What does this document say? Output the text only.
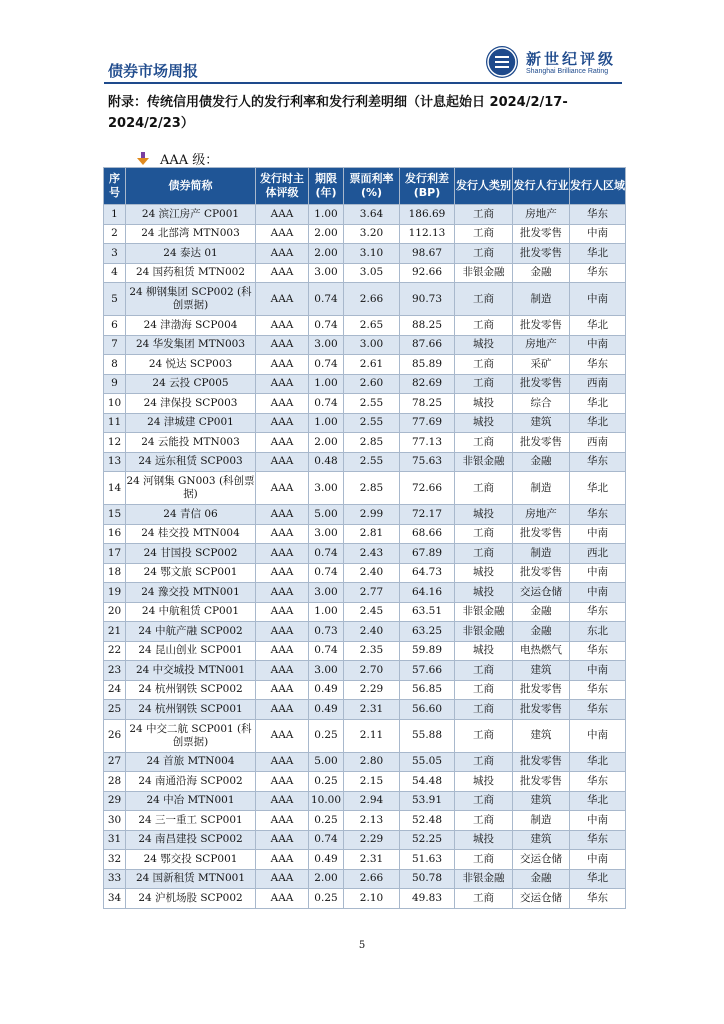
债券市场周报
新世纪评级
Shanghai Brilliance Rating
附录：传统信用债发行人的发行利率和发行利差明细（计息起始日 2024/2/17-2024/2/23）
AAA 级：
序号	债券简称	发行时主体评级	期限(年)	票面利率(%)	发行利差(BP)	发行人类别	发行人行业	发行人区域
1	24 滨江房产 CP001	AAA	1.00	3.64	186.69	工商	房地产	华东
2	24 北部湾 MTN003	AAA	2.00	3.20	112.13	工商	批发零售	中南
3	24 泰达 01	AAA	2.00	3.10	98.67	工商	批发零售	华北
4	24 国药租赁 MTN002	AAA	3.00	3.05	92.66	非银金融	金融	华东
5	24 柳钢集团 SCP002 (科创票据)	AAA	0.74	2.66	90.73	工商	制造	中南
6	24 津渤海 SCP004	AAA	0.74	2.65	88.25	工商	批发零售	华北
7	24 华发集团 MTN003	AAA	3.00	3.00	87.66	城投	房地产	中南
8	24 悦达 SCP003	AAA	0.74	2.61	85.89	工商	采矿	华东
9	24 云投 CP005	AAA	1.00	2.60	82.69	工商	批发零售	西南
10	24 津保投 SCP003	AAA	0.74	2.55	78.25	城投	综合	华北
11	24 津城建 CP001	AAA	1.00	2.55	77.69	城投	建筑	华北
12	24 云能投 MTN003	AAA	2.00	2.85	77.13	工商	批发零售	西南
13	24 远东租赁 SCP003	AAA	0.48	2.55	75.63	非银金融	金融	华东
14	24 河钢集 GN003 (科创票据)	AAA	3.00	2.85	72.66	工商	制造	华北
15	24 青信 06	AAA	5.00	2.99	72.17	城投	房地产	华东
16	24 桂交投 MTN004	AAA	3.00	2.81	68.66	工商	批发零售	中南
17	24 甘国投 SCP002	AAA	0.74	2.43	67.89	工商	制造	西北
18	24 鄂文旅 SCP001	AAA	0.74	2.40	64.73	城投	批发零售	中南
19	24 豫交投 MTN001	AAA	3.00	2.77	64.16	城投	交运仓储	中南
20	24 中航租赁 CP001	AAA	1.00	2.45	63.51	非银金融	金融	华东
21	24 中航产融 SCP002	AAA	0.73	2.40	63.25	非银金融	金融	东北
22	24 昆山创业 SCP001	AAA	0.74	2.35	59.89	城投	电热燃气	华东
23	24 中交城投 MTN001	AAA	3.00	2.70	57.66	工商	建筑	中南
24	24 杭州钢铁 SCP002	AAA	0.49	2.29	56.85	工商	批发零售	华东
25	24 杭州钢铁 SCP001	AAA	0.49	2.31	56.60	工商	批发零售	华东
26	24 中交二航 SCP001 (科创票据)	AAA	0.25	2.11	55.88	工商	建筑	中南
27	24 首旅 MTN004	AAA	5.00	2.80	55.05	工商	批发零售	华北
28	24 南通沿海 SCP002	AAA	0.25	2.15	54.48	城投	批发零售	华东
29	24 中冶 MTN001	AAA	10.00	2.94	53.91	工商	建筑	华北
30	24 三一重工 SCP001	AAA	0.25	2.13	52.48	工商	制造	中南
31	24 南昌建投 SCP002	AAA	0.74	2.29	52.25	城投	建筑	华东
32	24 鄂交投 SCP001	AAA	0.49	2.31	51.63	工商	交运仓储	中南
33	24 国新租赁 MTN001	AAA	2.00	2.66	50.78	非银金融	金融	华北
34	24 沪机场股 SCP002	AAA	0.25	2.10	49.83	工商	交运仓储	华东
5
